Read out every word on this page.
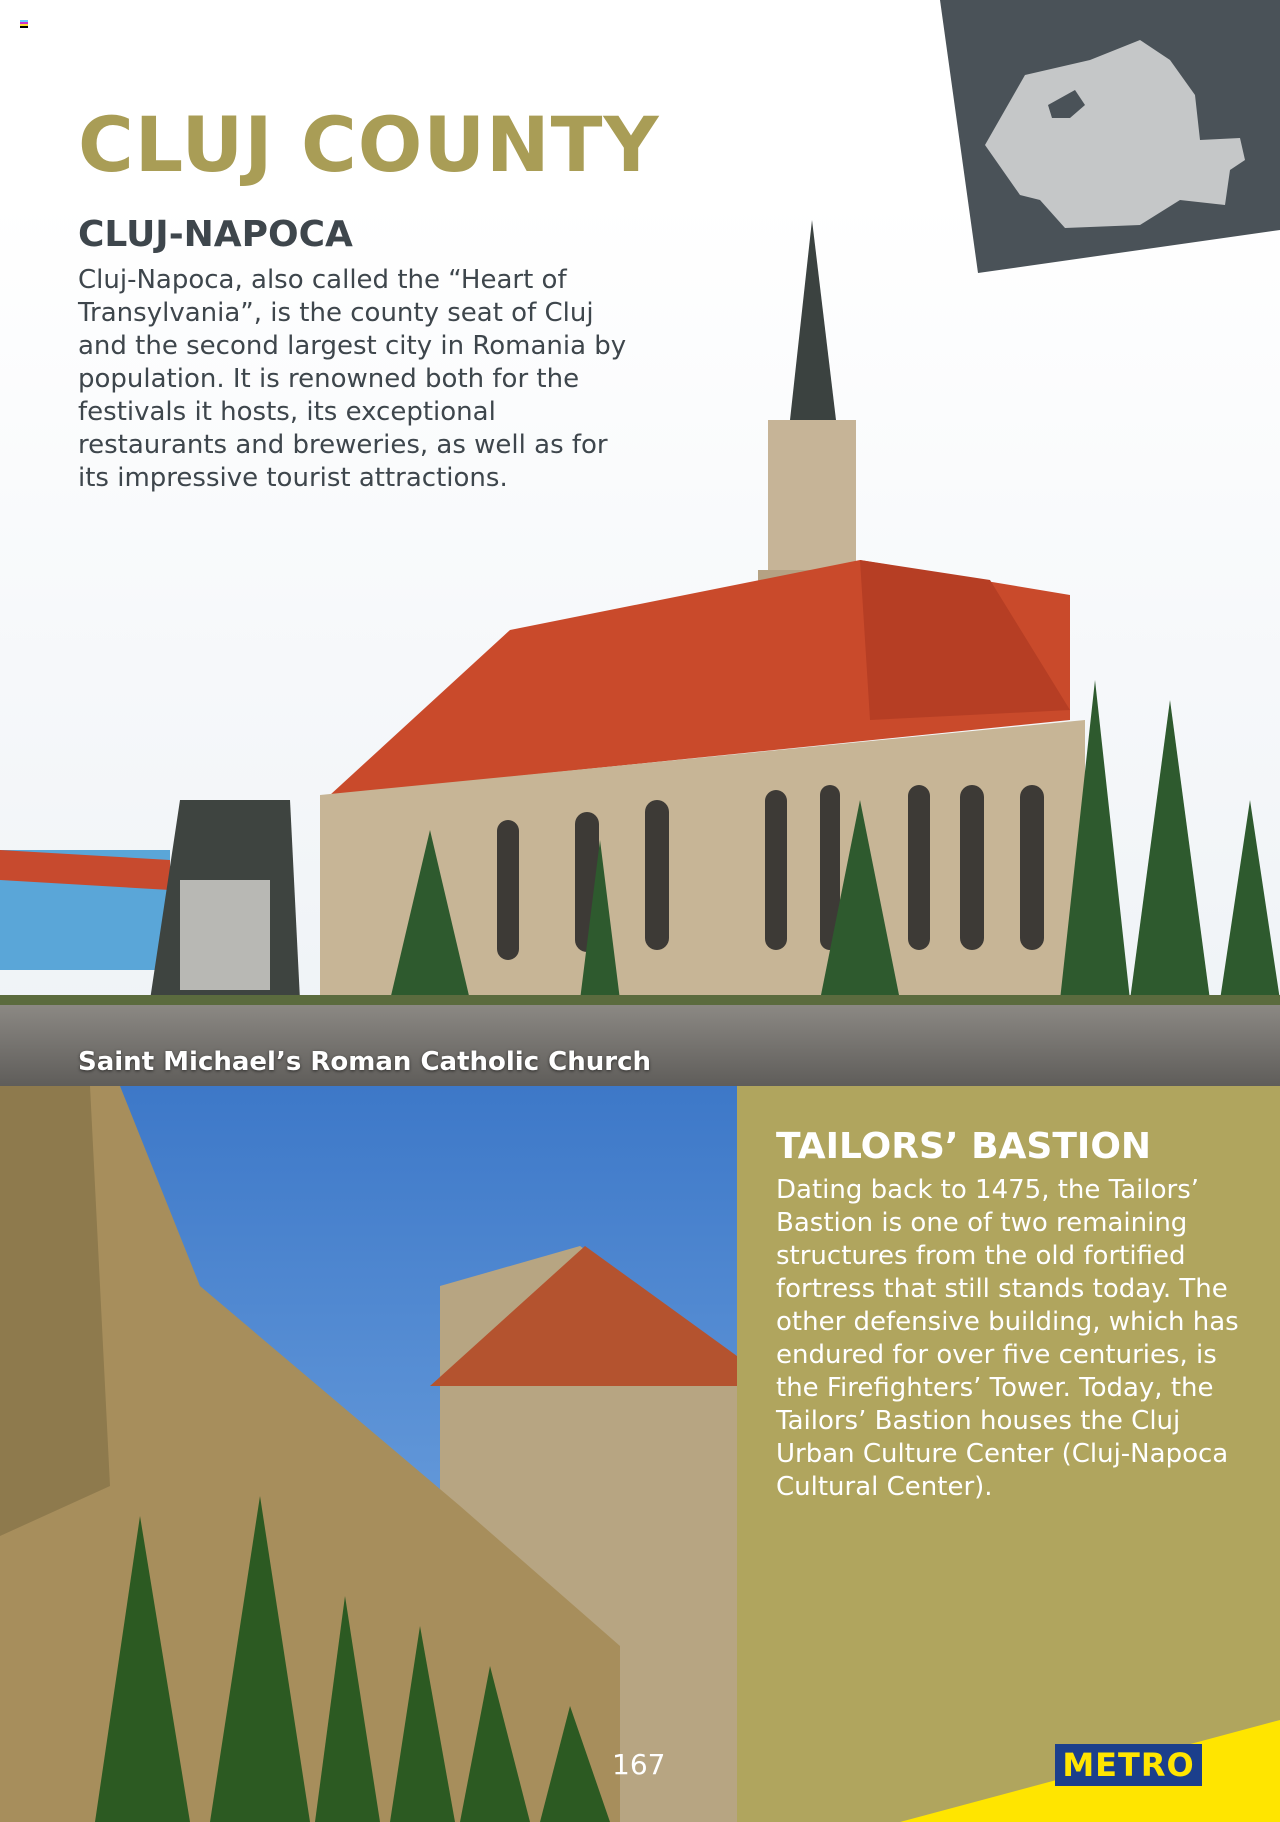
Saint Michael’s Roman Catholic Church
CLUJ COUNTY
CLUJ-NAPOCA

Cluj-Napoca, also called the “Heart of Transylvania”, is the county seat of Cluj and the second largest city in Romania by population. It is renowned both for the festivals it hosts, its exceptional restaurants and breweries, as well as for its impressive tourist attractions.

TAILORS’ BASTION

Dating back to 1475, the Tailors’ Bastion is one of two remaining structures from the old fortified fortress that still stands today. The other defensive building, which has endured for over five centuries, is the Firefighters’ Tower. Today, the Tailors’ Bastion houses the Cluj Urban Culture Center (Cluj-Napoca Cultural Center).

METRO
167
